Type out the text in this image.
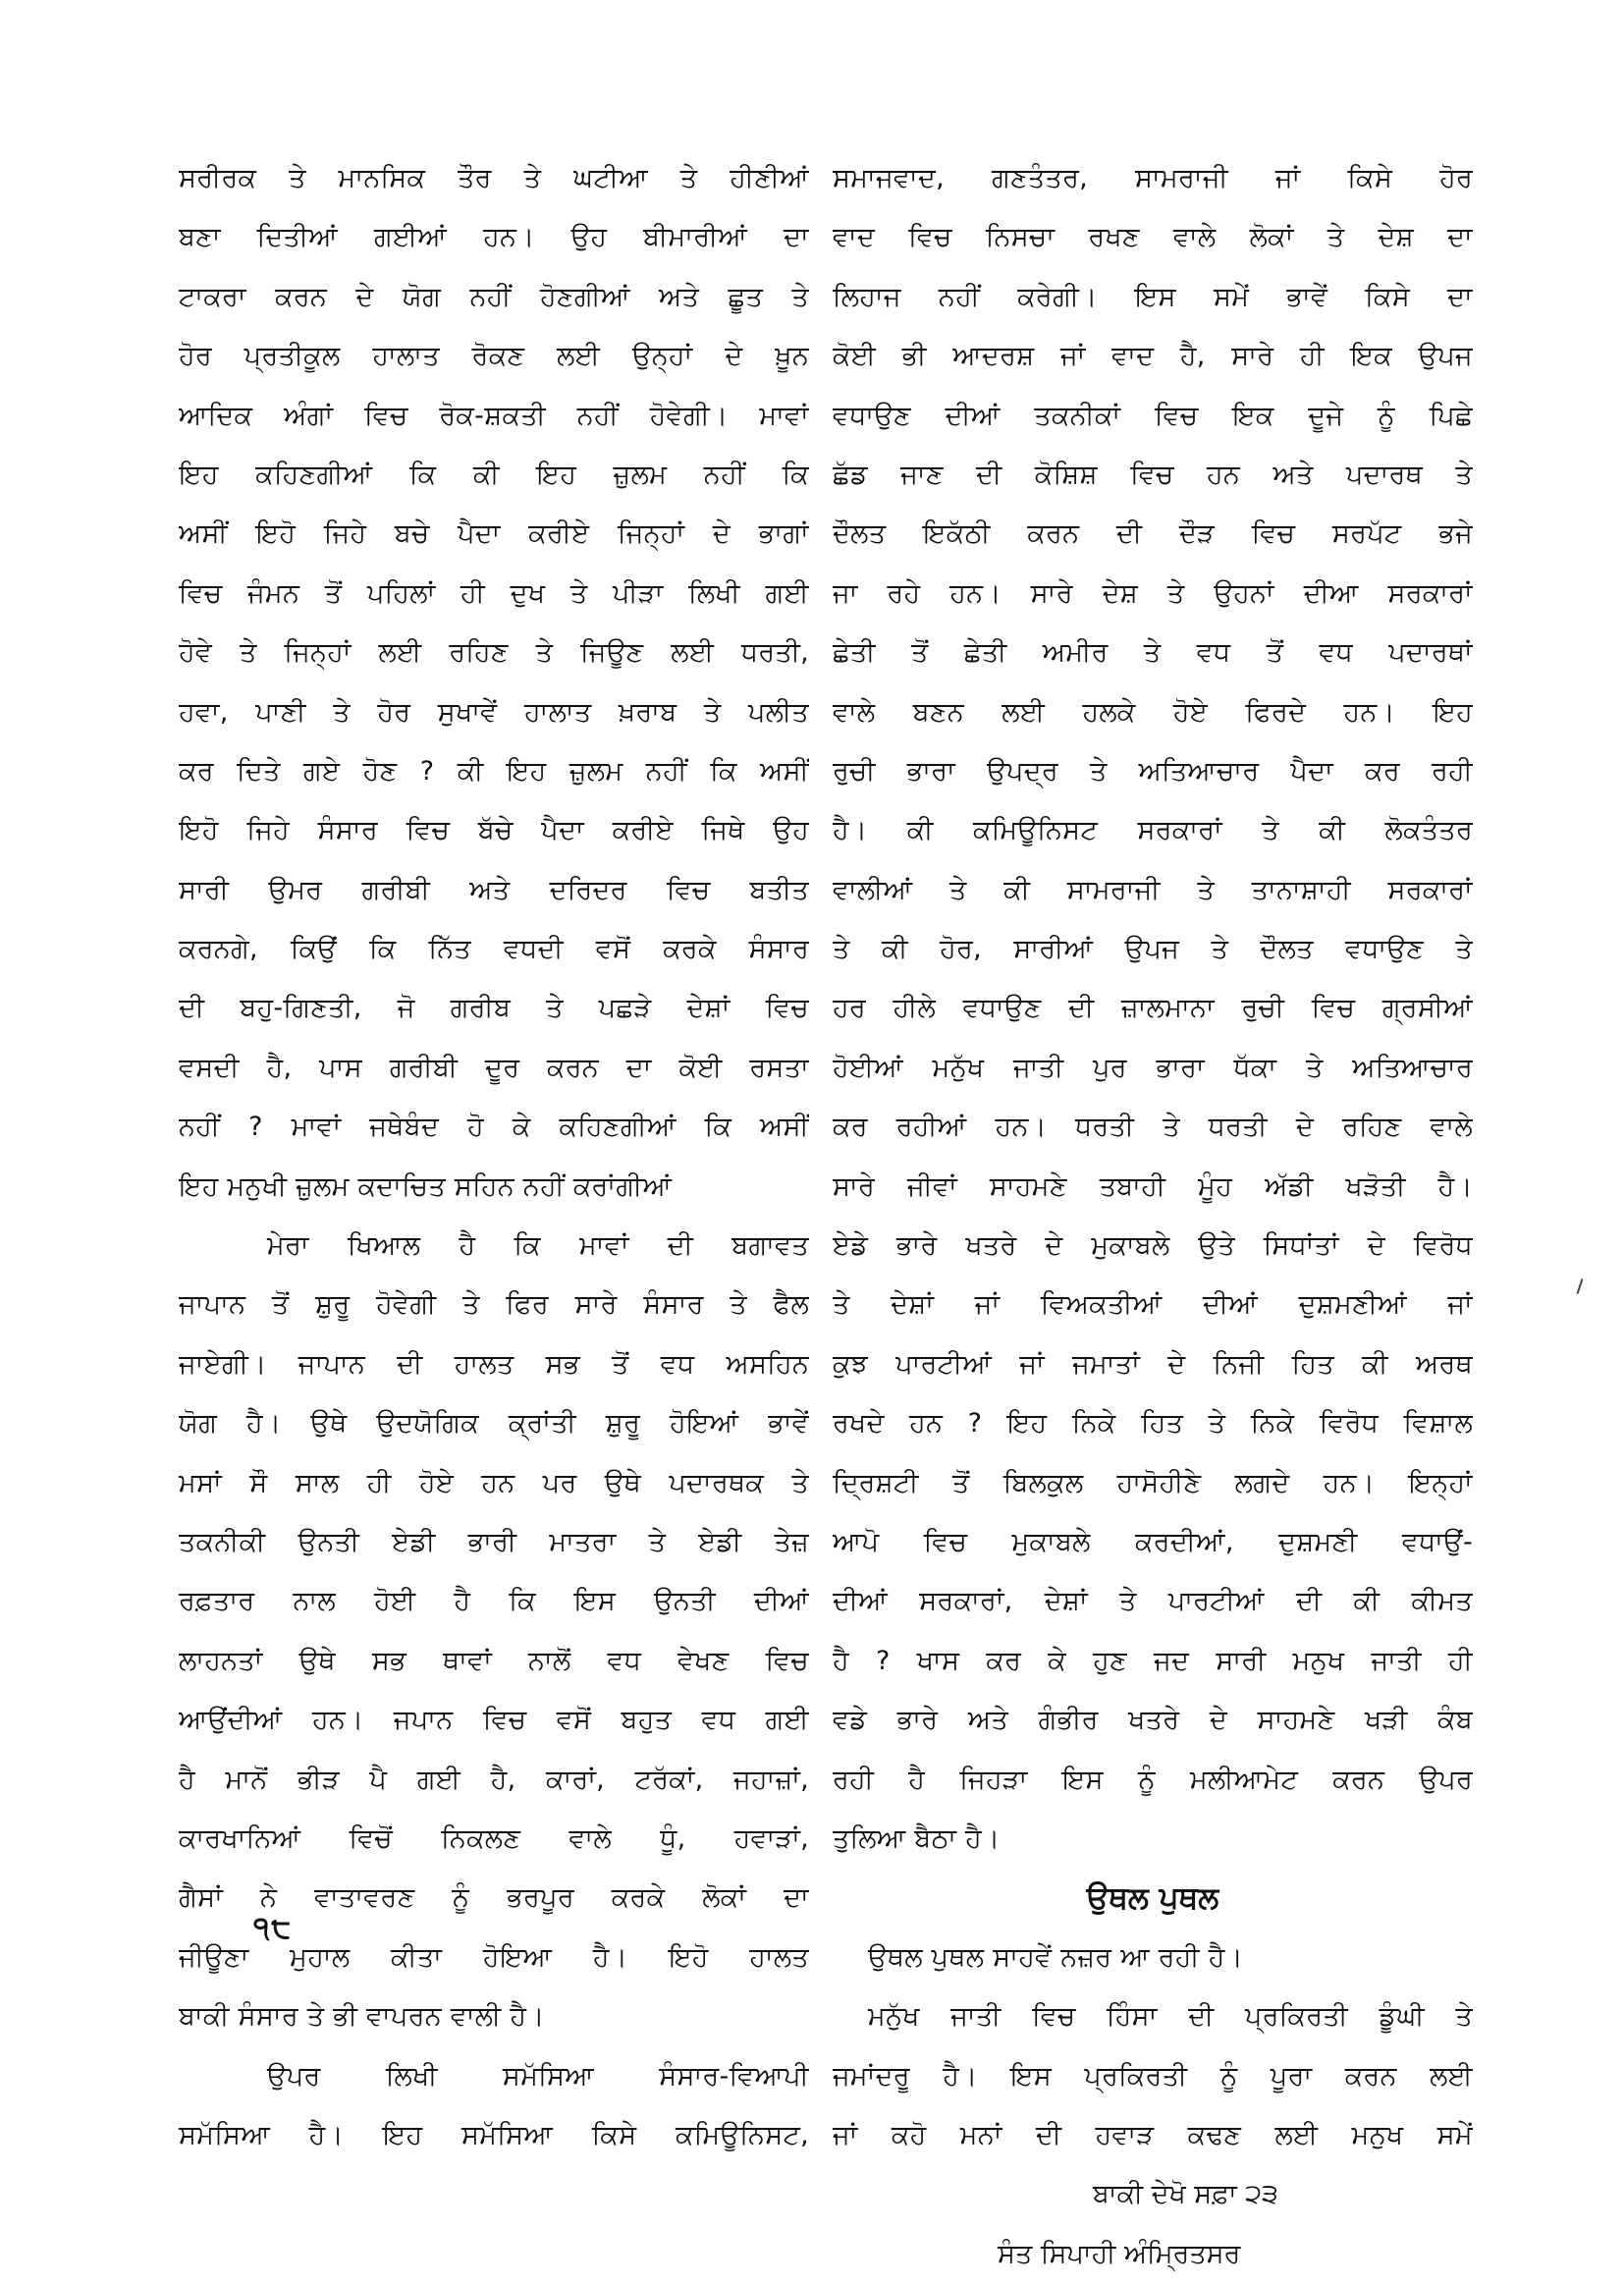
ਸਰੀਰਕ ਤੇ ਮਾਨਸਿਕ ਤੌਰ ਤੇ ਘਟੀਆ ਤੇ ਹੀਣੀਆਂ
ਬਣਾ ਦਿਤੀਆਂ ਗਈਆਂ ਹਨ। ਉਹ ਬੀਮਾਰੀਆਂ ਦਾ
ਟਾਕਰਾ ਕਰਨ ਦੇ ਯੋਗ ਨਹੀਂ ਹੋਣਗੀਆਂ ਅਤੇ ਛੂਤ ਤੇ
ਹੋਰ ਪ੍ਰਤੀਕੂਲ ਹਾਲਾਤ ਰੋਕਣ ਲਈ ਉਨ੍ਹਾਂ ਦੇ ਖ਼ੂਨ
ਆਦਿਕ ਅੰਗਾਂ ਵਿਚ ਰੋਕ-ਸ਼ਕਤੀ ਨਹੀਂ ਹੋਵੇਗੀ। ਮਾਵਾਂ
ਇਹ ਕਹਿਣਗੀਆਂ ਕਿ ਕੀ ਇਹ ਜ਼ੁਲਮ ਨਹੀਂ ਕਿ
ਅਸੀਂ ਇਹੋ ਜਿਹੇ ਬਚੇ ਪੈਦਾ ਕਰੀਏ ਜਿਨ੍ਹਾਂ ਦੇ ਭਾਗਾਂ
ਵਿਚ ਜੰਮਨ ਤੋਂ ਪਹਿਲਾਂ ਹੀ ਦੁਖ ਤੇ ਪੀੜਾ ਲਿਖੀ ਗਈ
ਹੋਵੇ ਤੇ ਜਿਨ੍ਹਾਂ ਲਈ ਰਹਿਣ ਤੇ ਜਿਊਣ ਲਈ ਧਰਤੀ,
ਹਵਾ, ਪਾਣੀ ਤੇ ਹੋਰ ਸੁਖਾਵੇਂ ਹਾਲਾਤ ਖ਼ਰਾਬ ਤੇ ਪਲੀਤ
ਕਰ ਦਿਤੇ ਗਏ ਹੋਣ ? ਕੀ ਇਹ ਜ਼ੁਲਮ ਨਹੀਂ ਕਿ ਅਸੀਂ
ਇਹੋ ਜਿਹੇ ਸੰਸਾਰ ਵਿਚ ਬੱਚੇ ਪੈਦਾ ਕਰੀਏ ਜਿਥੇ ਉਹ
ਸਾਰੀ ਉਮਰ ਗਰੀਬੀ ਅਤੇ ਦਰਿਦਰ ਵਿਚ ਬਤੀਤ
ਕਰਨਗੇ, ਕਿਉਂ ਕਿ ਨਿੱਤ ਵਧਦੀ ਵਸੋਂ ਕਰਕੇ ਸੰਸਾਰ
ਦੀ ਬਹੁ-ਗਿਣਤੀ, ਜੋ ਗਰੀਬ ਤੇ ਪਛੜੇ ਦੇਸ਼ਾਂ ਵਿਚ
ਵਸਦੀ ਹੈ, ਪਾਸ ਗਰੀਬੀ ਦੂਰ ਕਰਨ ਦਾ ਕੋਈ ਰਸਤਾ
ਨਹੀਂ ? ਮਾਵਾਂ ਜਥੇਬੰਦ ਹੋ ਕੇ ਕਹਿਣਗੀਆਂ ਕਿ ਅਸੀਂ
ਇਹ ਮਨੁਖੀ ਜ਼ੁਲਮ ਕਦਾਚਿਤ ਸਹਿਨ ਨਹੀਂ ਕਰਾਂਗੀਆਂ
ਮੇਰਾ ਖਿਆਲ ਹੈ ਕਿ ਮਾਵਾਂ ਦੀ ਬਗਾਵਤ
ਜਾਪਾਨ ਤੋਂ ਸ਼ੁਰੂ ਹੋਵੇਗੀ ਤੇ ਫਿਰ ਸਾਰੇ ਸੰਸਾਰ ਤੇ ਫੈਲ
ਜਾਏਗੀ। ਜਾਪਾਨ ਦੀ ਹਾਲਤ ਸਭ ਤੋਂ ਵਧ ਅਸਹਿਨ
ਯੋਗ ਹੈ। ਉਥੇ ਉਦਯੋਗਿਕ ਕ੍ਰਾਂਤੀ ਸ਼ੁਰੂ ਹੋਇਆਂ ਭਾਵੇਂ
ਮਸਾਂ ਸੌ ਸਾਲ ਹੀ ਹੋਏ ਹਨ ਪਰ ਉਥੇ ਪਦਾਰਥਕ ਤੇ
ਤਕਨੀਕੀ ਉਨਤੀ ਏਡੀ ਭਾਰੀ ਮਾਤਰਾ ਤੇ ਏਡੀ ਤੇਜ਼
ਰਫ਼ਤਾਰ ਨਾਲ ਹੋਈ ਹੈ ਕਿ ਇਸ ਉਨਤੀ ਦੀਆਂ
ਲਾਹਨਤਾਂ ਉਥੇ ਸਭ ਥਾਵਾਂ ਨਾਲੋਂ ਵਧ ਵੇਖਣ ਵਿਚ
ਆਉਂਦੀਆਂ ਹਨ। ਜਪਾਨ ਵਿਚ ਵਸੋਂ ਬਹੁਤ ਵਧ ਗਈ
ਹੈ ਮਾਨੋਂ ਭੀੜ ਪੈ ਗਈ ਹੈ, ਕਾਰਾਂ, ਟਰੱਕਾਂ, ਜਹਾਜ਼ਾਂ,
ਕਾਰਖਾਨਿਆਂ ਵਿਚੋਂ ਨਿਕਲਣ ਵਾਲੇ ਧੂੰ, ਹਵਾੜਾਂ,
ਗੈਸਾਂ ਨੇ ਵਾਤਾਵਰਣ ਨੂੰ ਭਰਪੂਰ ਕਰਕੇ ਲੋਕਾਂ ਦਾ
ਜੀਊਣਾ ਮੁਹਾਲ ਕੀਤਾ ਹੋਇਆ ਹੈ। ਇਹੋ ਹਾਲਤ
ਬਾਕੀ ਸੰਸਾਰ ਤੇ ਭੀ ਵਾਪਰਨ ਵਾਲੀ ਹੈ।
ਉਪਰ ਲਿਖੀ ਸਮੱਸਿਆ ਸੰਸਾਰ-ਵਿਆਪੀ
ਸਮੱਸਿਆ ਹੈ। ਇਹ ਸਮੱਸਿਆ ਕਿਸੇ ਕਮਿਊਨਿਸਟ,
ਸਮਾਜਵਾਦ, ਗਣਤੰਤਰ, ਸਾਮਰਾਜੀ ਜਾਂ ਕਿਸੇ ਹੋਰ
ਵਾਦ ਵਿਚ ਨਿਸਚਾ ਰਖਣ ਵਾਲੇ ਲੋਕਾਂ ਤੇ ਦੇਸ਼ ਦਾ
ਲਿਹਾਜ ਨਹੀਂ ਕਰੇਗੀ। ਇਸ ਸਮੇਂ ਭਾਵੇਂ ਕਿਸੇ ਦਾ
ਕੋਈ ਭੀ ਆਦਰਸ਼ ਜਾਂ ਵਾਦ ਹੈ, ਸਾਰੇ ਹੀ ਇਕ ਉਪਜ
ਵਧਾਉਣ ਦੀਆਂ ਤਕਨੀਕਾਂ ਵਿਚ ਇਕ ਦੂਜੇ ਨੂੰ ਪਿਛੇ
ਛੱਡ ਜਾਣ ਦੀ ਕੋਸ਼ਿਸ਼ ਵਿਚ ਹਨ ਅਤੇ ਪਦਾਰਥ ਤੇ
ਦੌਲਤ ਇਕੱਠੀ ਕਰਨ ਦੀ ਦੌੜ ਵਿਚ ਸਰਪੱਟ ਭਜੇ
ਜਾ ਰਹੇ ਹਨ। ਸਾਰੇ ਦੇਸ਼ ਤੇ ਉਹਨਾਂ ਦੀਆ ਸਰਕਾਰਾਂ
ਛੇਤੀ ਤੋਂ ਛੇਤੀ ਅਮੀਰ ਤੇ ਵਧ ਤੋਂ ਵਧ ਪਦਾਰਥਾਂ
ਵਾਲੇ ਬਣਨ ਲਈ ਹਲਕੇ ਹੋਏ ਫਿਰਦੇ ਹਨ। ਇਹ
ਰੁਚੀ ਭਾਰਾ ਉਪਦ੍ਰ ਤੇ ਅਤਿਆਚਾਰ ਪੈਦਾ ਕਰ ਰਹੀ
ਹੈ। ਕੀ ਕਮਿਊਨਿਸਟ ਸਰਕਾਰਾਂ ਤੇ ਕੀ ਲੋਕਤੰਤਰ
ਵਾਲੀਆਂ ਤੇ ਕੀ ਸਾਮਰਾਜੀ ਤੇ ਤਾਨਾਸ਼ਾਹੀ ਸਰਕਾਰਾਂ
ਤੇ ਕੀ ਹੋਰ, ਸਾਰੀਆਂ ਉਪਜ ਤੇ ਦੌਲਤ ਵਧਾਉਣ ਤੇ
ਹਰ ਹੀਲੇ ਵਧਾਉਣ ਦੀ ਜ਼ਾਲਮਾਨਾ ਰੁਚੀ ਵਿਚ ਗ੍ਰਸੀਆਂ
ਹੋਈਆਂ ਮਨੁੱਖ ਜਾਤੀ ਪੁਰ ਭਾਰਾ ਧੱਕਾ ਤੇ ਅਤਿਆਚਾਰ
ਕਰ ਰਹੀਆਂ ਹਨ। ਧਰਤੀ ਤੇ ਧਰਤੀ ਦੇ ਰਹਿਣ ਵਾਲੇ
ਸਾਰੇ ਜੀਵਾਂ ਸਾਹਮਣੇ ਤਬਾਹੀ ਮੂੰਹ ਅੱਡੀ ਖੜੋਤੀ ਹੈ।
ਏਡੇ ਭਾਰੇ ਖਤਰੇ ਦੇ ਮੁਕਾਬਲੇ ਉਤੇ ਸਿਧਾਂਤਾਂ ਦੇ ਵਿਰੋਧ
ਤੇ ਦੇਸ਼ਾਂ ਜਾਂ ਵਿਅਕਤੀਆਂ ਦੀਆਂ ਦੁਸ਼ਮਣੀਆਂ ਜਾਂ
ਕੁਝ ਪਾਰਟੀਆਂ ਜਾਂ ਜਮਾਤਾਂ ਦੇ ਨਿਜੀ ਹਿਤ ਕੀ ਅਰਥ
ਰਖਦੇ ਹਨ ? ਇਹ ਨਿਕੇ ਹਿਤ ਤੇ ਨਿਕੇ ਵਿਰੋਧ ਵਿਸ਼ਾਲ
ਦ੍ਰਿਸ਼ਟੀ ਤੋਂ ਬਿਲਕੁਲ ਹਾਸੋਹੀਣੇ ਲਗਦੇ ਹਨ। ਇਨ੍ਹਾਂ
ਆਪੋ ਵਿਚ ਮੁਕਾਬਲੇ ਕਰਦੀਆਂ, ਦੁਸ਼ਮਣੀ ਵਧਾਉਂ-
ਦੀਆਂ ਸਰਕਾਰਾਂ, ਦੇਸ਼ਾਂ ਤੇ ਪਾਰਟੀਆਂ ਦੀ ਕੀ ਕੀਮਤ
ਹੈ ? ਖਾਸ ਕਰ ਕੇ ਹੁਣ ਜਦ ਸਾਰੀ ਮਨੁਖ ਜਾਤੀ ਹੀ
ਵਡੇ ਭਾਰੇ ਅਤੇ ਗੰਭੀਰ ਖਤਰੇ ਦੇ ਸਾਹਮਣੇ ਖੜੀ ਕੰਬ
ਰਹੀ ਹੈ ਜਿਹੜਾ ਇਸ ਨੂੰ ਮਲੀਆਮੇਟ ਕਰਨ ਉਪਰ
ਤੁਲਿਆ ਬੈਠਾ ਹੈ।
ਉਥਲ ਪੁਥਲ
ਉਥਲ ਪੁਥਲ ਸਾਹਵੇਂ ਨਜ਼ਰ ਆ ਰਹੀ ਹੈ।
ਮਨੁੱਖ ਜਾਤੀ ਵਿਚ ਹਿੰਸਾ ਦੀ ਪ੍ਰਕਿਰਤੀ ਡੂੰਘੀ ਤੇ
ਜਮਾਂਦਰੂ ਹੈ। ਇਸ ਪ੍ਰਕਿਰਤੀ ਨੂੰ ਪੂਰਾ ਕਰਨ ਲਈ
ਜਾਂ ਕਹੋ ਮਨਾਂ ਦੀ ਹਵਾੜ ਕਢਣ ਲਈ ਮਨੁਖ ਸਮੇਂ
ਬਾਕੀ ਦੇਖੋ ਸਫ਼ਾ ੨੩
ਸੰਤ ਸਿਪਾਹੀ ਅੰਮ੍ਰਿਤਸਰ
੧੮
